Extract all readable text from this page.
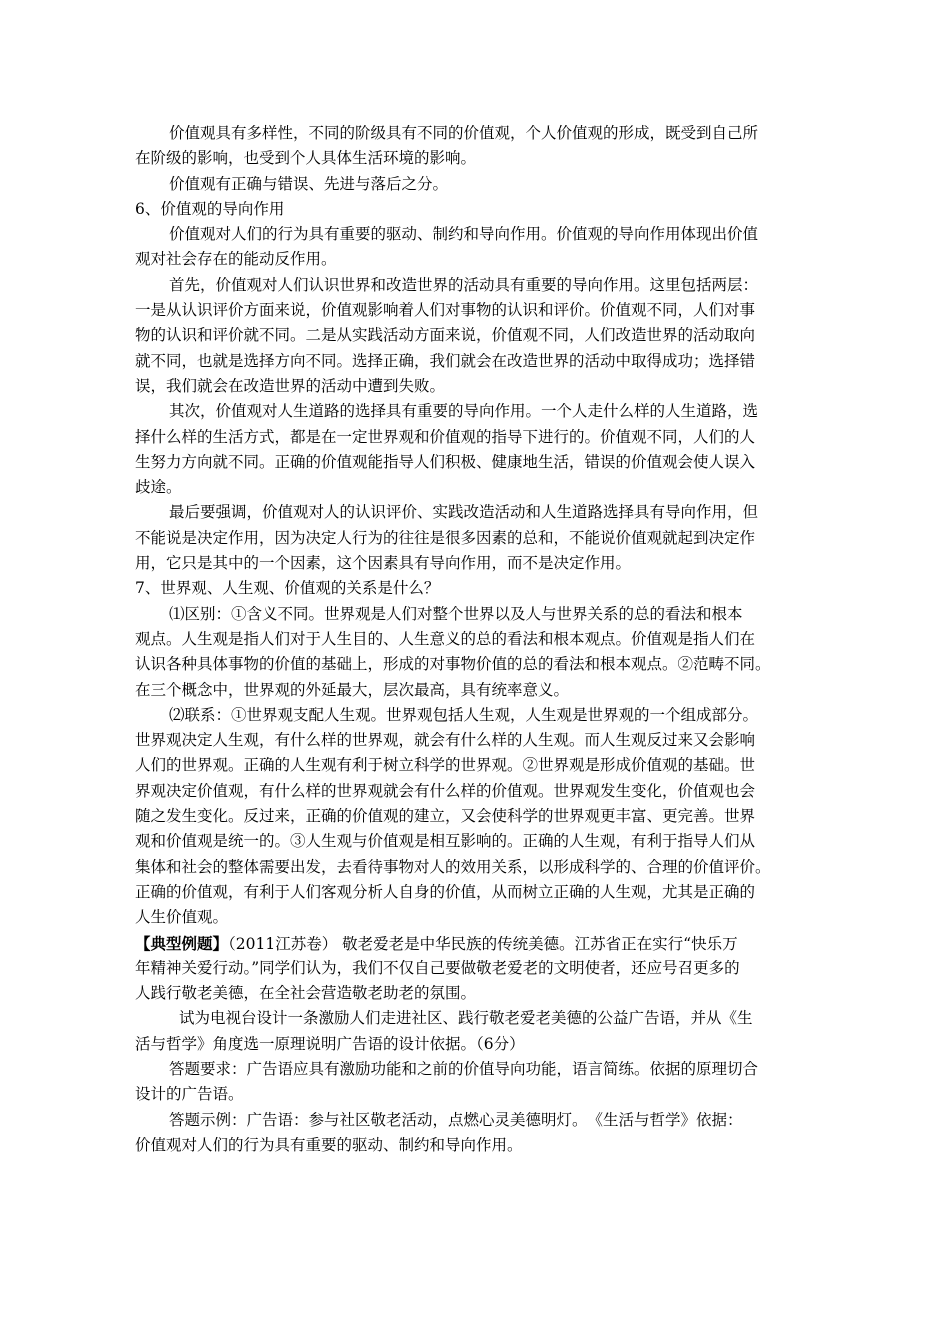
价值观具有多样性，不同的阶级具有不同的价值观，个人价值观的形成，既受到自己所
在阶级的影响，也受到个人具体生活环境的影响。
价值观有正确与错误、先进与落后之分。
6、价值观的导向作用
价值观对人们的行为具有重要的驱动、制约和导向作用。价值观的导向作用体现出价值
观对社会存在的能动反作用。
首先，价值观对人们认识世界和改造世界的活动具有重要的导向作用。这里包括两层：
一是从认识评价方面来说，价值观影响着人们对事物的认识和评价。价值观不同，人们对事
物的认识和评价就不同。二是从实践活动方面来说，价值观不同，人们改造世界的活动取向
就不同，也就是选择方向不同。选择正确，我们就会在改造世界的活动中取得成功；选择错
误，我们就会在改造世界的活动中遭到失败。
其次，价值观对人生道路的选择具有重要的导向作用。一个人走什么样的人生道路，选
择什么样的生活方式，都是在一定世界观和价值观的指导下进行的。价值观不同，人们的人
生努力方向就不同。正确的价值观能指导人们积极、健康地生活，错误的价值观会使人误入
歧途。
最后要强调，价值观对人的认识评价、实践改造活动和人生道路选择具有导向作用，但
不能说是决定作用，因为决定人行为的往往是很多因素的总和，不能说价值观就起到决定作
用，它只是其中的一个因素，这个因素具有导向作用，而不是决定作用。
7、世界观、人生观、价值观的关系是什么？
⑴区别：①含义不同。世界观是人们对整个世界以及人与世界关系的总的看法和根本
观点。人生观是指人们对于人生目的、人生意义的总的看法和根本观点。价值观是指人们在
认识各种具体事物的价值的基础上，形成的对事物价值的总的看法和根本观点。②范畴不同。
在三个概念中，世界观的外延最大，层次最高，具有统率意义。
⑵联系：①世界观支配人生观。世界观包括人生观，人生观是世界观的一个组成部分。
世界观决定人生观，有什么样的世界观，就会有什么样的人生观。而人生观反过来又会影响
人们的世界观。正确的人生观有利于树立科学的世界观。②世界观是形成价值观的基础。世
界观决定价值观，有什么样的世界观就会有什么样的价值观。世界观发生变化，价值观也会
随之发生变化。反过来，正确的价值观的建立，又会使科学的世界观更丰富、更完善。世界
观和价值观是统一的。③人生观与价值观是相互影响的。正确的人生观，有利于指导人们从
集体和社会的整体需要出发，去看待事物对人的效用关系，以形成科学的、合理的价值评价。
正确的价值观，有利于人们客观分析人自身的价值，从而树立正确的人生观，尤其是正确的
人生价值观。
【典型例题】（2011江苏卷） 敬老爱老是中华民族的传统美德。江苏省正在实行“快乐万
年精神关爱行动。”同学们认为，我们不仅自己要做敬老爱老的文明使者，还应号召更多的
人践行敬老美德，在全社会营造敬老助老的氛围。
试为电视台设计一条激励人们走进社区、践行敬老爱老美德的公益广告语，并从《生
活与哲学》角度选一原理说明广告语的设计依据。（6分）
答题要求：广告语应具有激励功能和之前的价值导向功能，语言简练。依据的原理切合
设计的广告语。
答题示例：广告语：参与社区敬老活动，点燃心灵美德明灯。　《生活与哲学》依据：
价值观对人们的行为具有重要的驱动、制约和导向作用。
